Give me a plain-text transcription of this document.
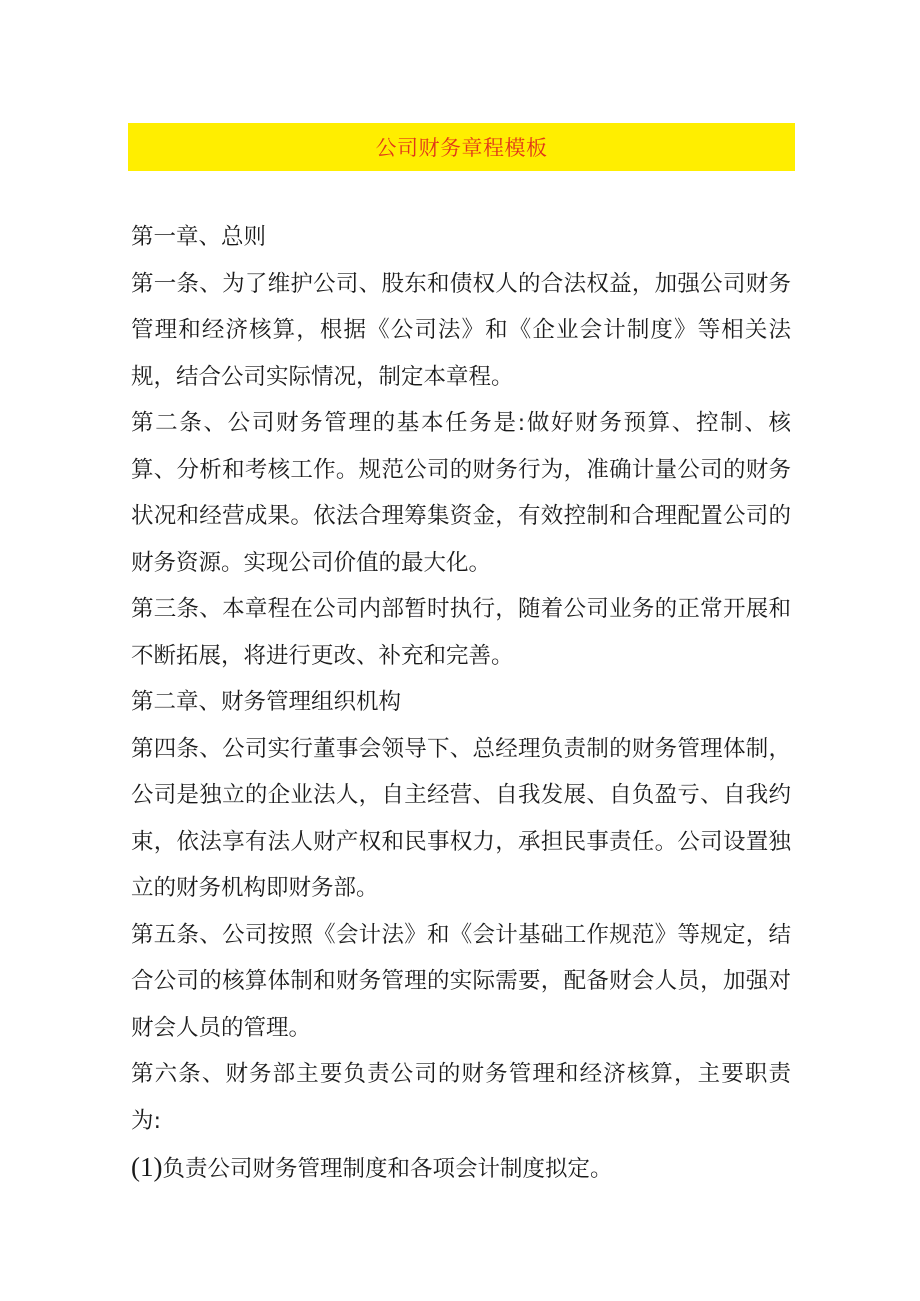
公司财务章程模板

第一章、总则

第一条、为了维护公司、股东和债权人的合法权益，加强公司财务管理和经济核算，根据《公司法》和《企业会计制度》等相关法规，结合公司实际情况，制定本章程。

第二条、公司财务管理的基本任务是:做好财务预算、控制、核算、分析和考核工作。规范公司的财务行为，准确计量公司的财务状况和经营成果。依法合理筹集资金，有效控制和合理配置公司的财务资源。实现公司价值的最大化。

第三条、本章程在公司内部暂时执行，随着公司业务的正常开展和不断拓展，将进行更改、补充和完善。

第二章、财务管理组织机构

第四条、公司实行董事会领导下、总经理负责制的财务管理体制，公司是独立的企业法人，自主经营、自我发展、自负盈亏、自我约束，依法享有法人财产权和民事权力，承担民事责任。公司设置独立的财务机构即财务部。

第五条、公司按照《会计法》和《会计基础工作规范》等规定，结合公司的核算体制和财务管理的实际需要，配备财会人员，加强对财会人员的管理。

第六条、财务部主要负责公司的财务管理和经济核算，主要职责为:

(1)负责公司财务管理制度和各项会计制度拟定。
